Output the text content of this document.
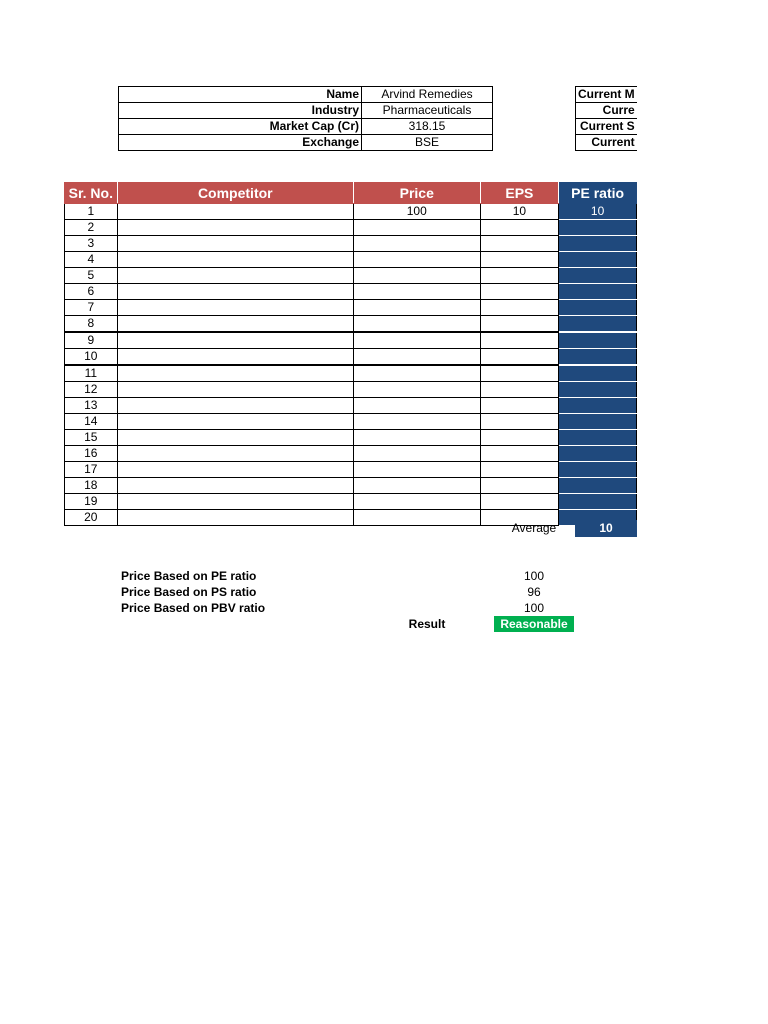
Name	Arvind Remedies
Industry	Pharmaceuticals
Market Cap (Cr)	318.15
Exchange	BSE
Current M
Curre
Current S
Current
Sr. No.	Competitor	Price	EPS	PE ratio
1		100	10	10
2				
3				
4				
5				
6				
7				
8				
9				
10				
11				
12				
13				
14				
15				
16				
17				
18				
19				
20				
Average	10
Price Based on PE ratio	100
Price Based on PS ratio	96
Price Based on PBV ratio	100
Result	Reasonable
